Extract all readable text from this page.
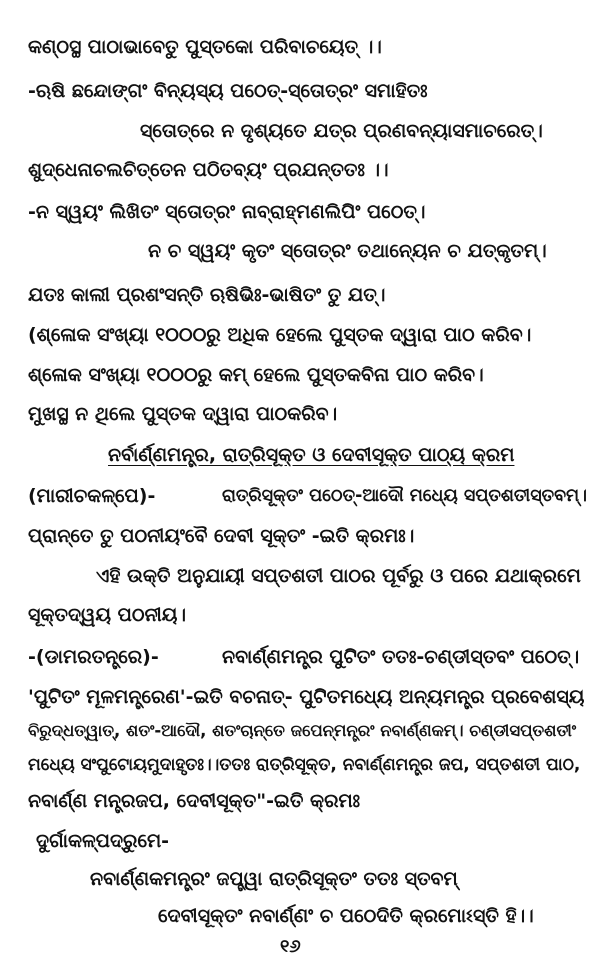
କଣ୍ଠସ୍ଥ ପାଠାଭାବେତୁ ପୁସ୍ତକୋ ପରିବାଚୟେତ୍ ।।
-ଋଷି ଛନ୍ଦୋଙ୍ଗଂ ବିନ୍ୟସ୍ୟ ପଠେତ୍-ସ୍ତୋତ୍ରଂ ସମାହିତଃ
ସ୍ତୋତ୍ରେ ନ ଦୃଶ୍ୟତେ ଯତ୍ର ପ୍ରଣବନ୍ୟାସମାଚରେତ୍।
ଶୁଦ୍ଧେନାଚଲଚିତ୍ତେନ ପଠିତବ୍ୟଂ ପ୍ରଯନ୍ତତଃ ।।
-ନ ସ୍ୱୟଂ ଲିଖିତଂ ସ୍ତୋତ୍ରଂ ନାବ୍ରାହ୍ମଣଲିପିଂ ପଠେତ୍।
ନ ଚ ସ୍ୱୟଂ କୃତଂ ସ୍ତୋତ୍ରଂ ତଥାନ୍ୟେନ ଚ ଯତ୍କୃତମ୍।
ଯତଃ କାଲୀ ପ୍ରଶଂସନ୍ତି ଋଷିଭିଃ-ଭାଷିତଂ ତୁ ଯତ୍।
(ଶ୍ଳୋକ ସଂଖ୍ୟା ୧୦୦୦ରୁ ଅଧିକ ହେଲେ ପୁସ୍ତକ ଦ୍ୱାରା ପାଠ କରିବ।
ଶ୍ଳୋକ ସଂଖ୍ୟା ୧୦୦୦ରୁ କମ୍ ହେଲେ ପୁସ୍ତକବିନା ପାଠ କରିବ।
ମୁଖସ୍ଥ ନ ଥିଲେ ପୁସ୍ତକ ଦ୍ୱାରା ପାଠକରିବ।
ନର୍ବାର୍ଣ୍ଣମନ୍ତ୍ର, ରାତ୍ରିସୂକ୍ତ ଓ ଦେବୀସୂକ୍ତ ପାଠ୍ୟ କ୍ରମ
(ମାରୀଚକଳ୍ପେ)-	ରାତ୍ରିସୂକ୍ତଂ ପଠେତ୍-ଆଦୌ ମଧ୍ୟେ ସପ୍ତଶତୀସ୍ତବମ୍।
ପ୍ରାନ୍ତେ ତୁ ପଠନୀୟଂବୈ ଦେବୀ ସୂକ୍ତଂ -ଇତି କ୍ରମଃ।
ଏହି ଉକ୍ତି ଅନୁଯାୟୀ ସପ୍ତଶତୀ ପାଠର ପୂର୍ବରୁ ଓ ପରେ ଯଥାକ୍ରମେ
ସୂକ୍ତଦ୍ୱୟ ପଠନୀୟ।
-(ଡାମରତନ୍ତ୍ରେ)-	ନବାର୍ଣ୍ଣମନ୍ତ୍ର ପୁଟିତଂ ତତଃ-ଚଣ୍ଡୀସ୍ତବଂ ପଠେତ୍।
'ପୁଟିତଂ ମୂଳମନ୍ତ୍ରେଣ'-ଇତି ବଚନାତ୍- ପୁଟିତମଧ୍ୟେ ଅନ୍ୟମନ୍ତ୍ର ପ୍ରବେଶସ୍ୟ
ବିରୁଦ୍ଧତ୍ୱାତ୍, ଶତଂ-ଆଦୌ, ଶତଂଚାନ୍ତେ ଜପେନ୍ମନ୍ତ୍ରଂ ନବାର୍ଣ୍ଣକମ୍। ଚଣ୍ଡୀସପ୍ତଶତୀଂ
ମଧ୍ୟେ ସଂପୁଟୋୟମୁଦାହୃତଃ।।ତତଃ ରାତ୍ରିସୂକ୍ତ, ନବାର୍ଣ୍ଣମନ୍ତ୍ର ଜପ, ସପ୍ତଶତୀ ପାଠ,
ନବାର୍ଣ୍ଣ ମନ୍ତ୍ରଜପ, ଦେବୀସୂକ୍ତ"-ଇତି କ୍ରମଃ
ଦୁର୍ଗାକଳ୍ପଦ୍ରୁମେ-
ନବାର୍ଣ୍ଣକମନ୍ତ୍ରଂ ଜପ୍ତ୍ୱା ରାତ୍ରିସୂକ୍ତଂ ତତଃ ସ୍ତବମ୍
ଦେବୀସୂକ୍ତଂ ନବାର୍ଣ୍ଣଂ ଚ ପଠେଦିତି କ୍ରମୋଽସ୍ତି ହି।।
୧୬
